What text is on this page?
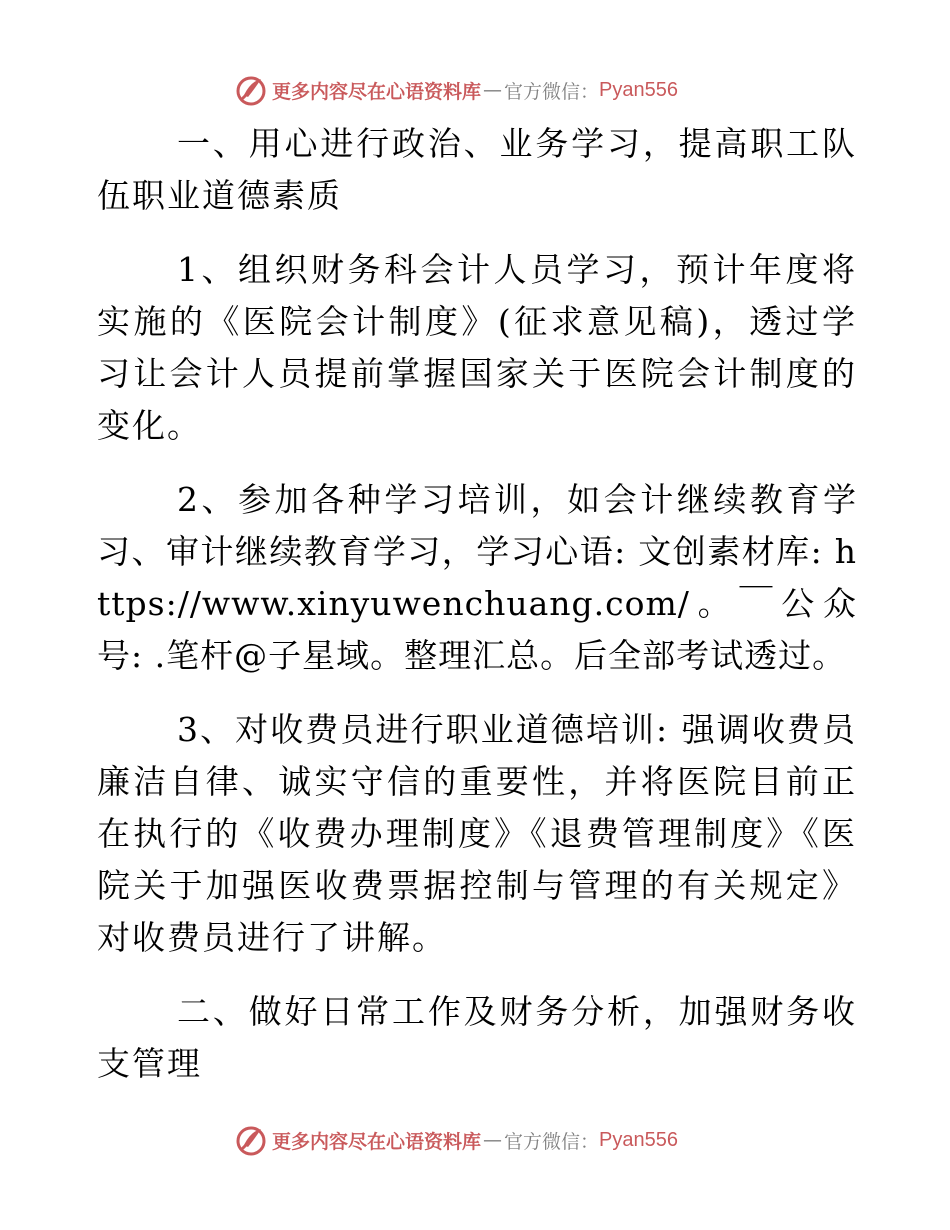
更多内容尽在心语资料库 — 官方微信： Pyan556

一、用心进行政治、业务学习，提高职工队伍职业道德素质

1、组织财务科会计人员学习，预计年度将实施的《医院会计制度》(征求意见稿)，透过学习让会计人员提前掌握国家关于医院会计制度的变化。

2、参加各种学习培训，如会计继续教育学习、审计继续教育学习，学习心语: 文创素材库: https://www.xinyuwenchuang.com/。￣公众号: .笔杆@子星域。整理汇总。后全部考试透过。

3、对收费员进行职业道德培训: 强调收费员廉洁自律、诚实守信的重要性，并将医院目前正在执行的《收费办理制度》《退费管理制度》《医院关于加强医收费票据控制与管理的有关规定》对收费员进行了讲解。

二、做好日常工作及财务分析，加强财务收支管理

更多内容尽在心语资料库 — 官方微信： Pyan556
